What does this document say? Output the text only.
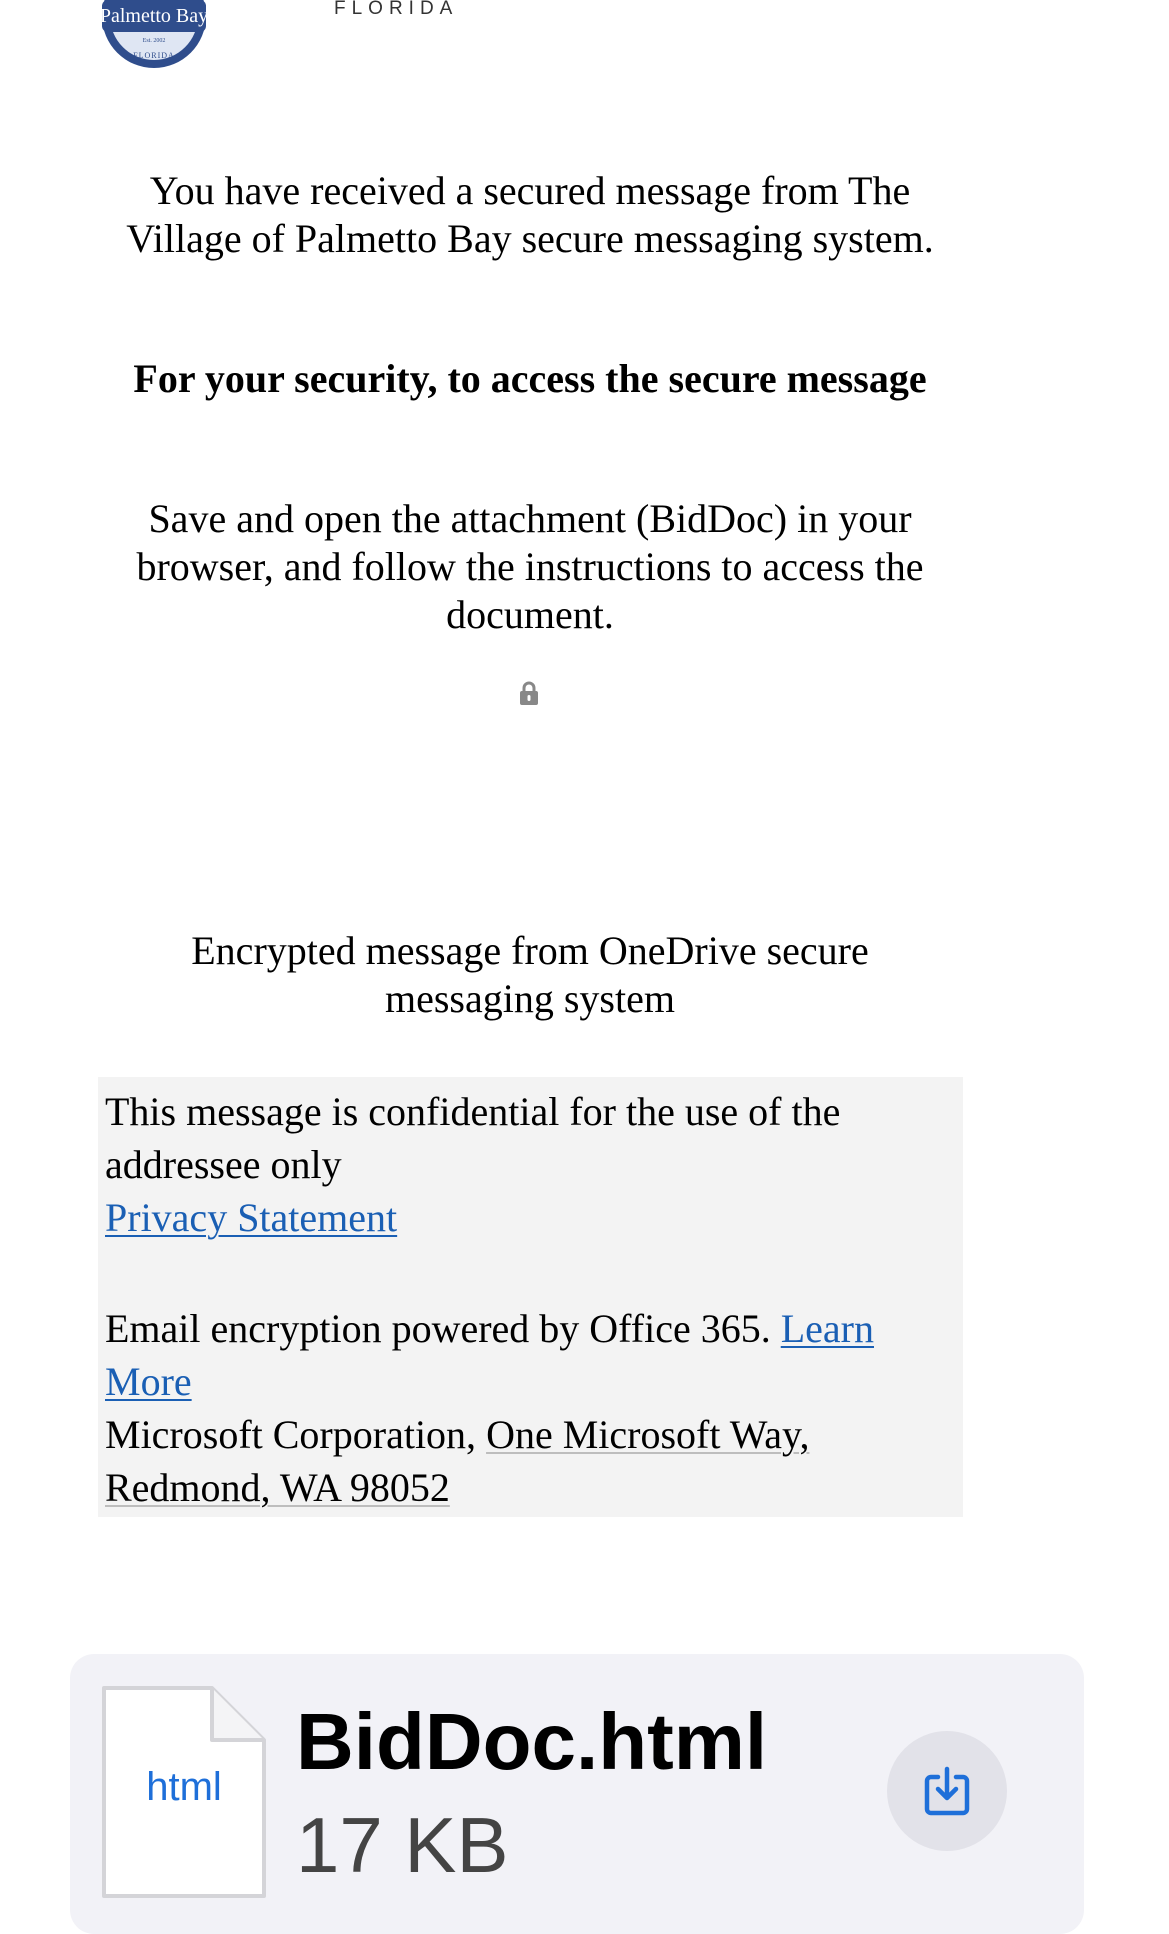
Palmetto Bay
Est. 2002
FLORIDA
FLORIDA
You have received a secured message from The Village of Palmetto Bay secure messaging system.
For your security, to access the secure message
Save and open the attachment (BidDoc) in your browser, and follow the instructions to access the document.
Encrypted message from OneDrive secure messaging system

This message is confidential for the use of the addressee only
Privacy Statement

Email encryption powered by Office 365. Learn More
Microsoft Corporation, One Microsoft Way,
Redmond, WA 98052

html
BidDoc.html
17 KB
